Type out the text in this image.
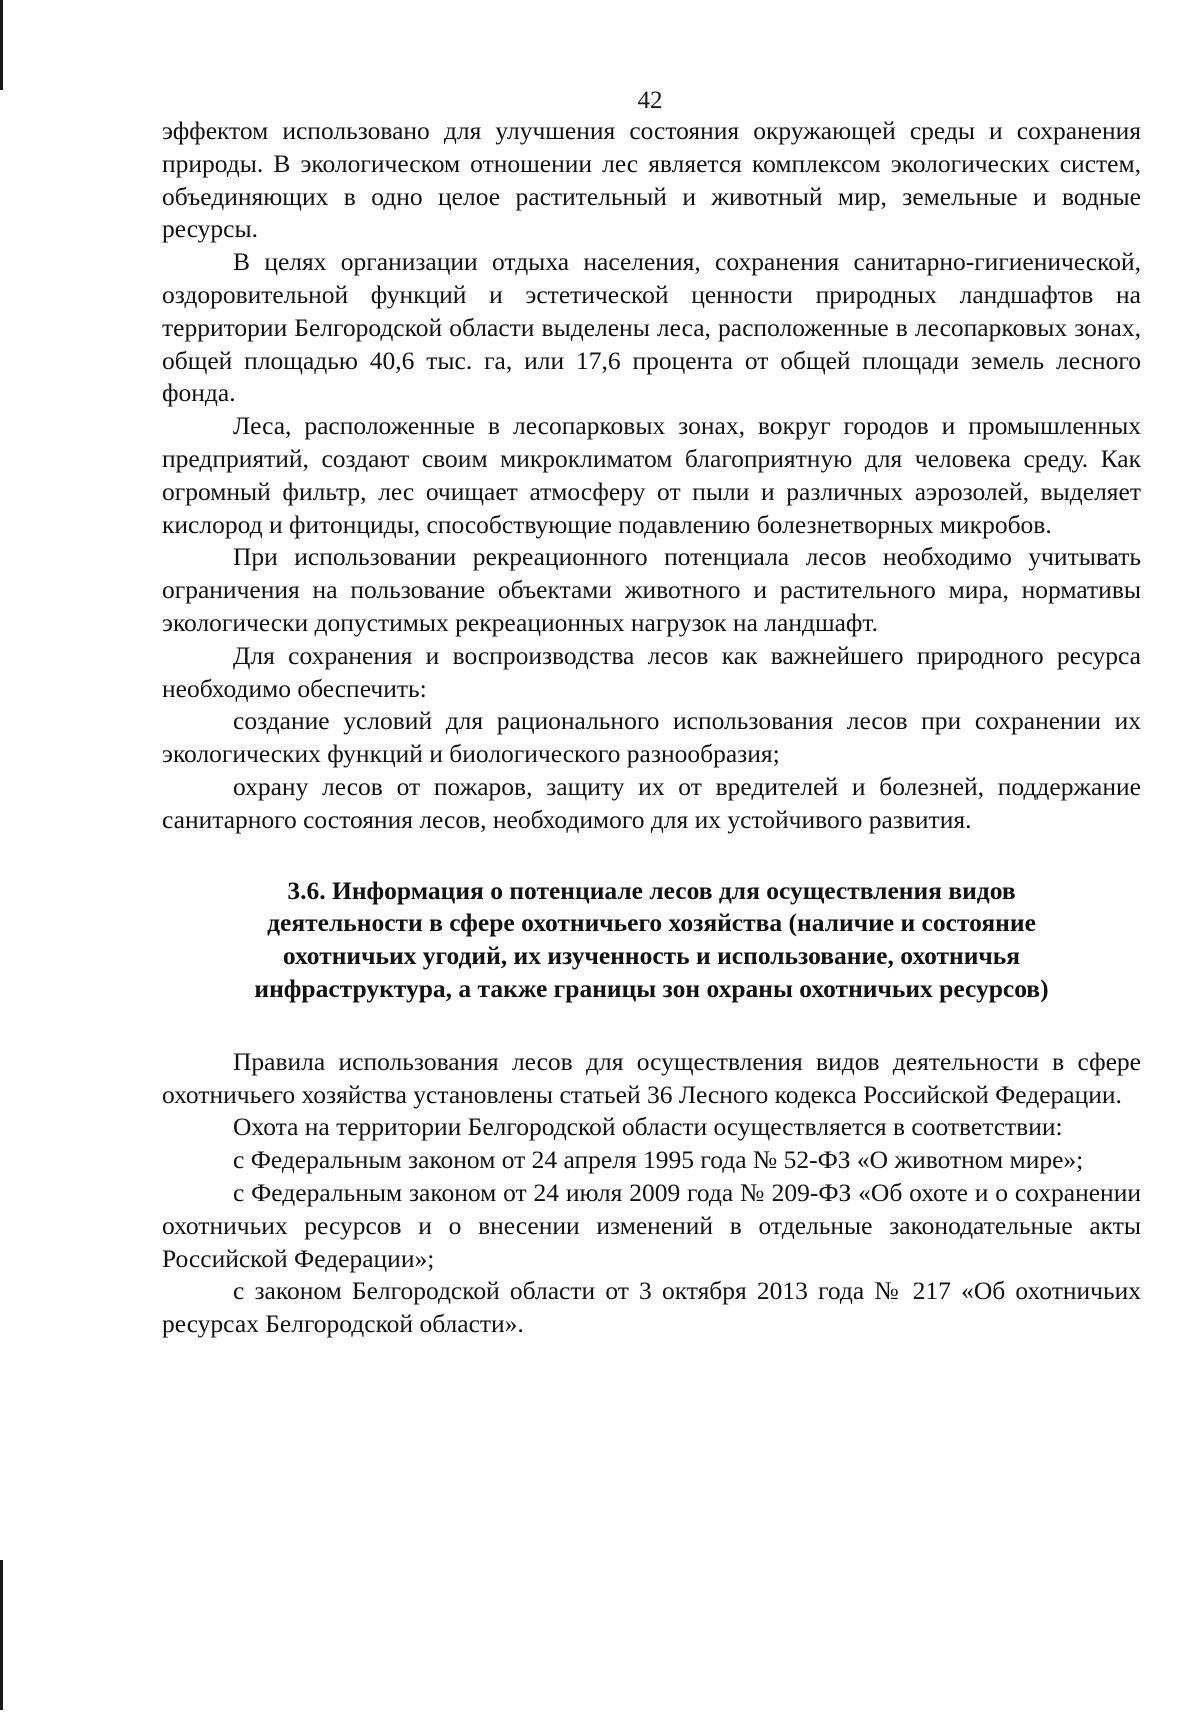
42

эффектом использовано для улучшения состояния окружающей среды и сохранения природы. В экологическом отношении лес является комплексом экологических систем, объединяющих в одно целое растительный и животный мир, земельные и водные ресурсы.

В целях организации отдыха населения, сохранения санитарно-гигиенической, оздоровительной функций и эстетической ценности природных ландшафтов на территории Белгородской области выделены леса, расположенные в лесопарковых зонах, общей площадью 40,6 тыс. га, или 17,6 процента от общей площади земель лесного фонда.

Леса, расположенные в лесопарковых зонах, вокруг городов и промышленных предприятий, создают своим микроклиматом благоприятную для человека среду. Как огромный фильтр, лес очищает атмосферу от пыли и различных аэрозолей, выделяет кислород и фитонциды, способствующие подавлению болезнетворных микробов.

При использовании рекреационного потенциала лесов необходимо учитывать ограничения на пользование объектами животного и растительного мира, нормативы экологически допустимых рекреационных нагрузок на ландшафт.

Для сохранения и воспроизводства лесов как важнейшего природного ресурса необходимо обеспечить:

создание условий для рационального использования лесов при сохранении их экологических функций и биологического разнообразия;

охрану лесов от пожаров, защиту их от вредителей и болезней, поддержание санитарного состояния лесов, необходимого для их устойчивого развития.

3.6. Информация о потенциале лесов для осуществления видов
деятельности в сфере охотничьего хозяйства (наличие и состояние
охотничьих угодий, их изученность и использование, охотничья
инфраструктура, а также границы зон охраны охотничьих ресурсов)

Правила использования лесов для осуществления видов деятельности в сфере охотничьего хозяйства установлены статьей 36 Лесного кодекса Российской Федерации.

Охота на территории Белгородской области осуществляется в соответствии:

с Федеральным законом от 24 апреля 1995 года № 52-ФЗ «О животном мире»;

с Федеральным законом от 24 июля 2009 года № 209-ФЗ «Об охоте и о сохранении охотничьих ресурсов и о внесении изменений в отдельные законодательные акты Российской Федерации»;

с законом Белгородской области от 3 октября 2013 года № 217 «Об охотничьих ресурсах Белгородской области».
